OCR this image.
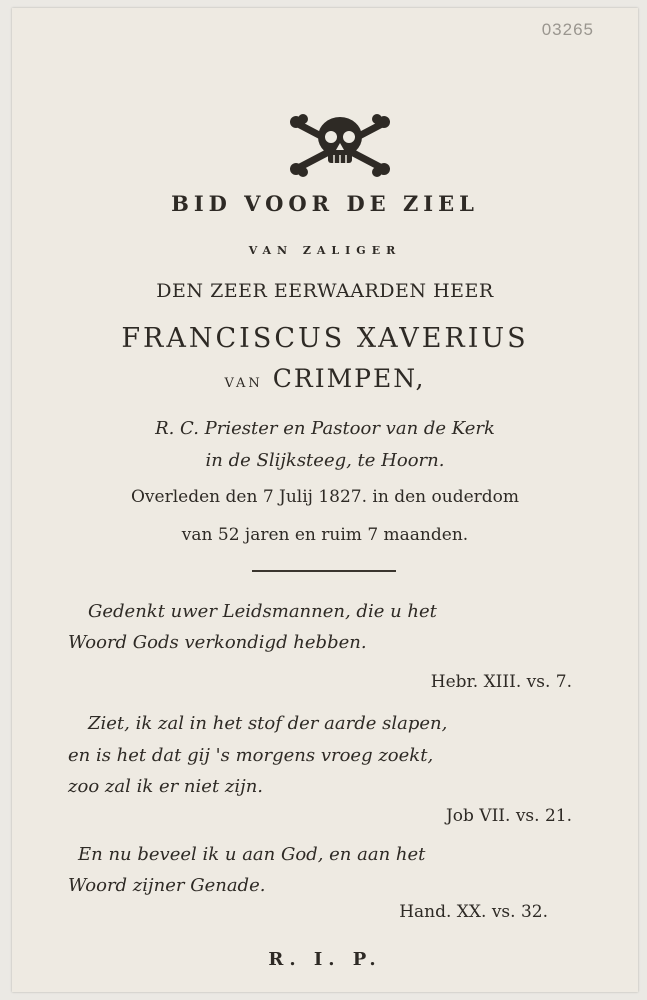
03265
BID VOOR DE ZIEL
VAN ZALIGER
DEN ZEER EERWAARDEN HEER
FRANCISCUS XAVERIUS
VAN CRIMPEN,
R. C. Priester en Pastoor van de Kerk
in de Slijksteeg, te Hoorn.
Overleden den 7 Julij 1827. in den ouderdom
van 52 jaren en ruim 7 maanden.
Gedenkt uwer Leidsmannen, die u het
Woord Gods verkondigd hebben.
Hebr. XIII. vs. 7.
Ziet, ik zal in het stof der aarde slapen,
en is het dat gij 's morgens vroeg zoekt,
zoo zal ik er niet zijn.
Job VII. vs. 21.
En nu beveel ik u aan God, en aan het
Woord zijner Genade.
Hand. XX. vs. 32.
R. I. P.
